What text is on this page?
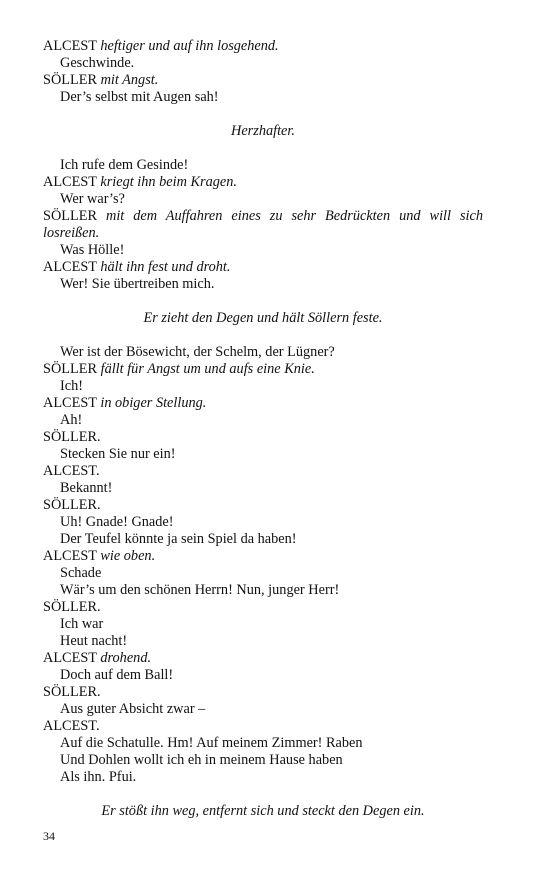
ALCEST heftiger und auf ihn losgehend.

Geschwinde.

SÖLLER mit Angst.

Der’s selbst mit Augen sah!

Herzhafter.

Ich rufe dem Gesinde!

ALCEST kriegt ihn beim Kragen.

Wer war’s?

SÖLLER mit dem Auffahren eines zu sehr Bedrückten und will sich

losreißen.

Was Hölle!

ALCEST hält ihn fest und droht.

Wer! Sie übertreiben mich.

Er zieht den Degen und hält Söllern feste.

Wer ist der Bösewicht, der Schelm, der Lügner?

SÖLLER fällt für Angst um und aufs eine Knie.

Ich!

ALCEST in obiger Stellung.

Ah!

SÖLLER.

Stecken Sie nur ein!

ALCEST.

Bekannt!

SÖLLER.

Uh! Gnade! Gnade!

Der Teufel könnte ja sein Spiel da haben!

ALCEST wie oben.

Schade

Wär’s um den schönen Herrn! Nun, junger Herr!

SÖLLER.

Ich war

Heut nacht!

ALCEST drohend.

Doch auf dem Ball!

SÖLLER.

Aus guter Absicht zwar –

ALCEST.

Auf die Schatulle. Hm! Auf meinem Zimmer! Raben

Und Dohlen wollt ich eh in meinem Hause haben

Als ihn. Pfui.

Er stößt ihn weg, entfernt sich und steckt den Degen ein.

34
